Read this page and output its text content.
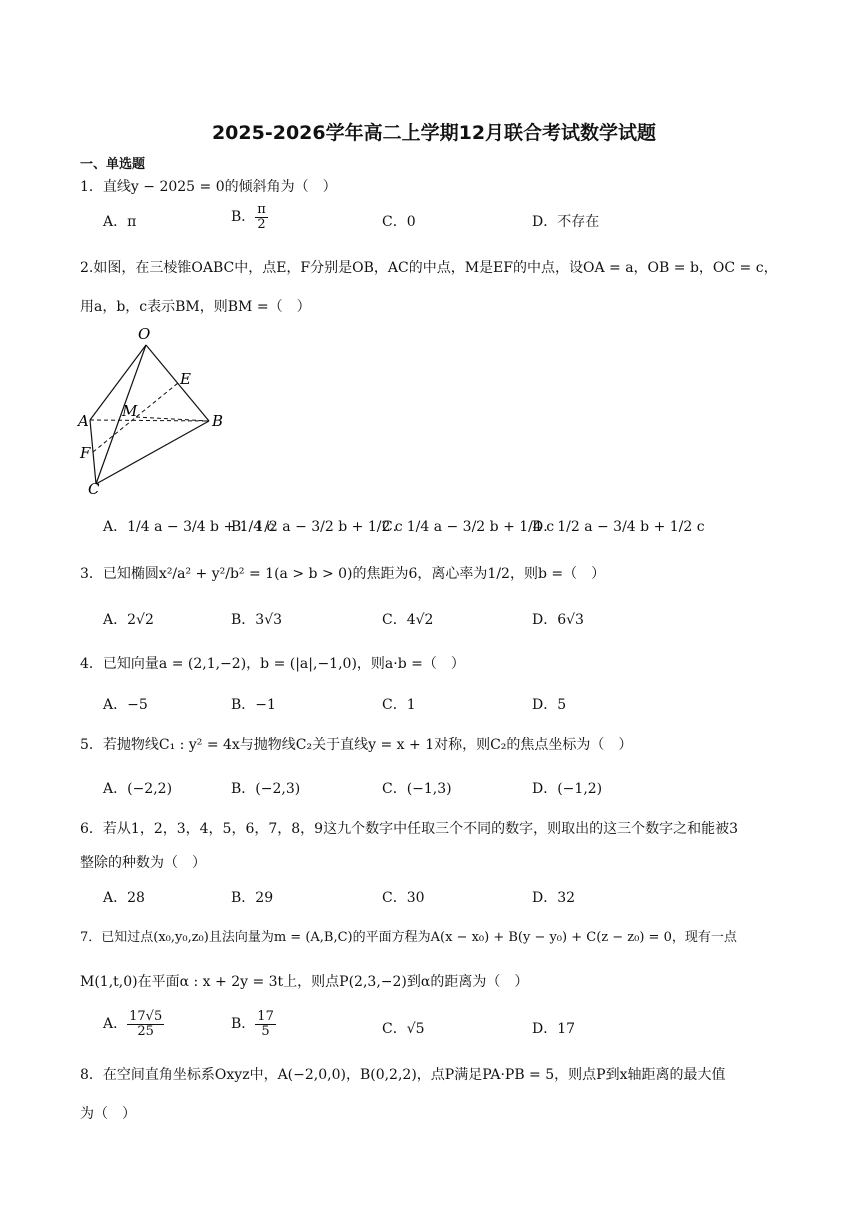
2025-2026学年高二上学期12月联合考试数学试题
一、单选题
1．直线y − 2025 = 0的倾斜角为（　）
A．π	B． $\frac{\pi}{2}$	C．0	D．不存在
2.如图，在三棱锥OABC中，点E，F分别是OB，AC的中点，M是EF的中点，设OA = a，OB = b，OC = c，
用a，b，c表示BM，则BM =（　）
O
E
M
A	B
F
C
A．1/4 a − 3/4 b + 1/4 c
B．1/2 a − 3/2 b + 1/2 c
C．1/4 a − 3/2 b + 1/4 c
D．1/2 a − 3/4 b + 1/2 c
3．已知椭圆x²/a² + y²/b² = 1(a > b > 0)的焦距为6，离心率为1/2，则b =（　）
A．2√2	B．3√3	C．4√2	D．6√3
4．已知向量a = (2,1,−2)，b = (|a|,−1,0)，则a·b =（　）
A．−5	B．−1	C．1	D．5
5．若抛物线C₁ : y² = 4x与抛物线C₂关于直线y = x + 1对称，则C₂的焦点坐标为（　）
A．(−2,2)	B．(−2,3)	C．(−1,3)	D．(−1,2)
6．若从1，2，3，4，5，6，7，8，9这九个数字中任取三个不同的数字，则取出的这三个数字之和能被3
整除的种数为（　）
A．28	B．29	C．30	D．32
7．已知过点(x₀,y₀,z₀)且法向量为m = (A,B,C)的平面方程为A(x − x₀) + B(y − y₀) + C(z − z₀) = 0，现有一点
M(1,t,0)在平面α : x + 2y = 3t上，则点P(2,3,−2)到α的距离为（　）
A． $\frac{17√5}{25}$	B． $\frac{17}{5}$	C．√5	D．17
8．在空间直角坐标系Oxyz中，A(−2,0,0)，B(0,2,2)，点P满足PA·PB = 5，则点P到x轴距离的最大值
为（　）
